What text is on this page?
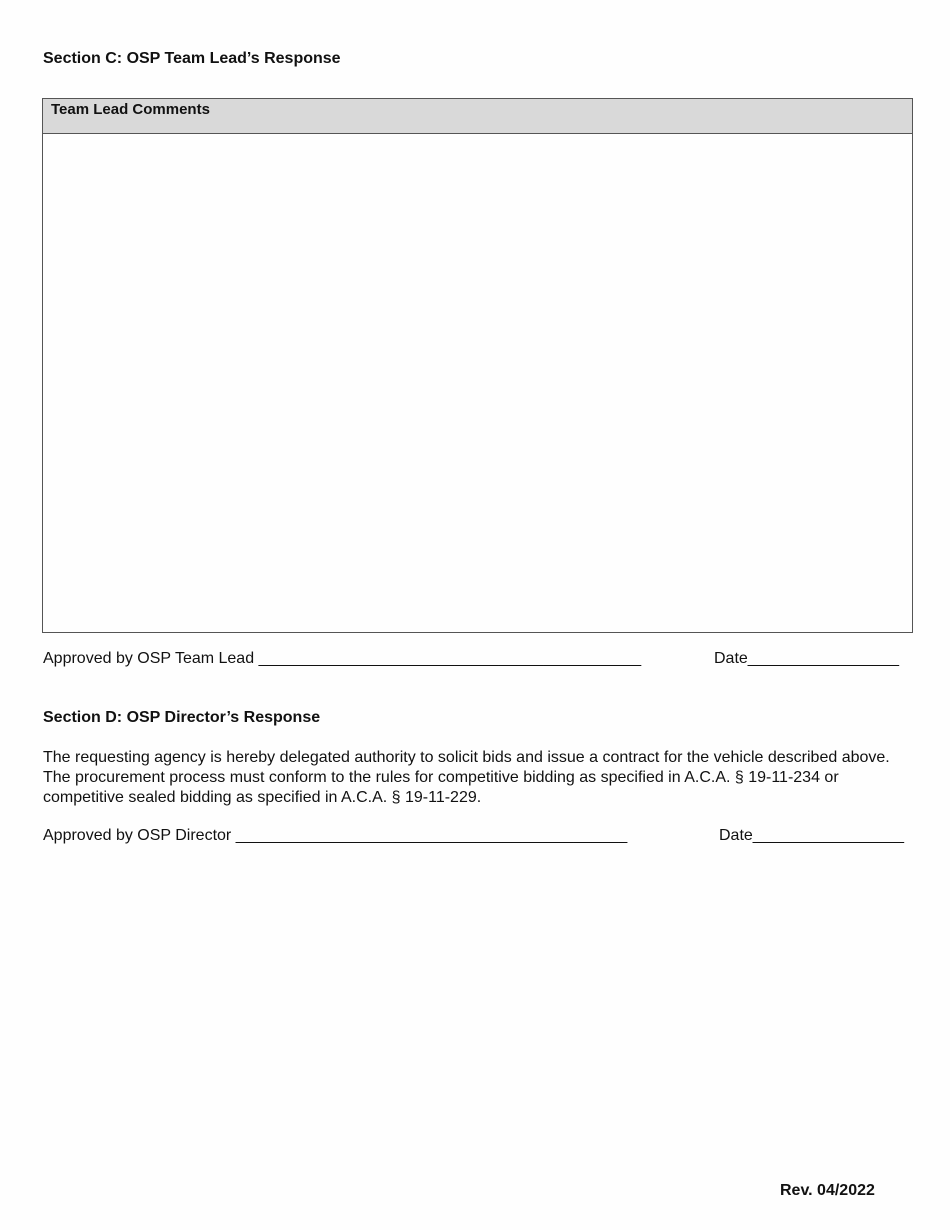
Section C: OSP Team Lead’s Response
Team Lead Comments
Approved by OSP Team Lead ___________________________________________	Date_________________
Section D: OSP Director’s Response
The requesting agency is hereby delegated authority to solicit bids and issue a contract for the vehicle described above. The procurement process must conform to the rules for competitive bidding as specified in A.C.A. § 19-11-234 or competitive sealed bidding as specified in A.C.A. § 19-11-229.
Approved by OSP Director ____________________________________________	Date_________________
Rev. 04/2022
